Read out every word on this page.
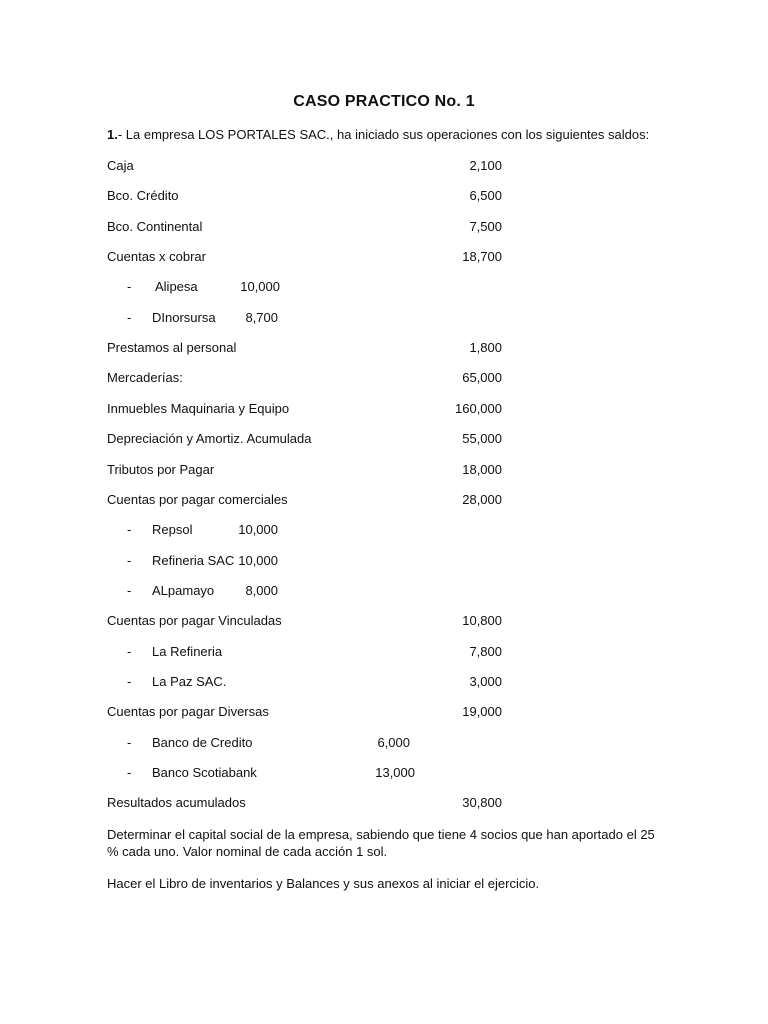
CASO PRACTICO No. 1
1.- La empresa LOS PORTALES SAC., ha iniciado sus operaciones con los siguientes saldos:
Caja	2,100
Bco. Crédito	6,500
Bco. Continental	7,500
Cuentas x cobrar	18,700
- Alipesa	10,000
- DInorsursa 8,700
Prestamos al personal	1,800
Mercaderías:	65,000
Inmuebles Maquinaria y Equipo	160,000
Depreciación y Amortiz. Acumulada	55,000
Tributos por Pagar	18,000
Cuentas por pagar comerciales	28,000
- Repsol	10,000
- Refineria SAC 10,000
- ALpamayo 8,000
Cuentas por pagar Vinculadas	10,800
- La Refineria	7,800
- La Paz SAC.	3,000
Cuentas por pagar Diversas	19,000
- Banco de Credito	6,000
- Banco Scotiabank	13,000
Resultados acumulados	30,800
Determinar el capital social de la empresa, sabiendo que tiene 4 socios que han aportado el 25 % cada uno. Valor nominal de cada acción 1 sol.
Hacer el Libro de inventarios y Balances y sus anexos al iniciar el ejercicio.
